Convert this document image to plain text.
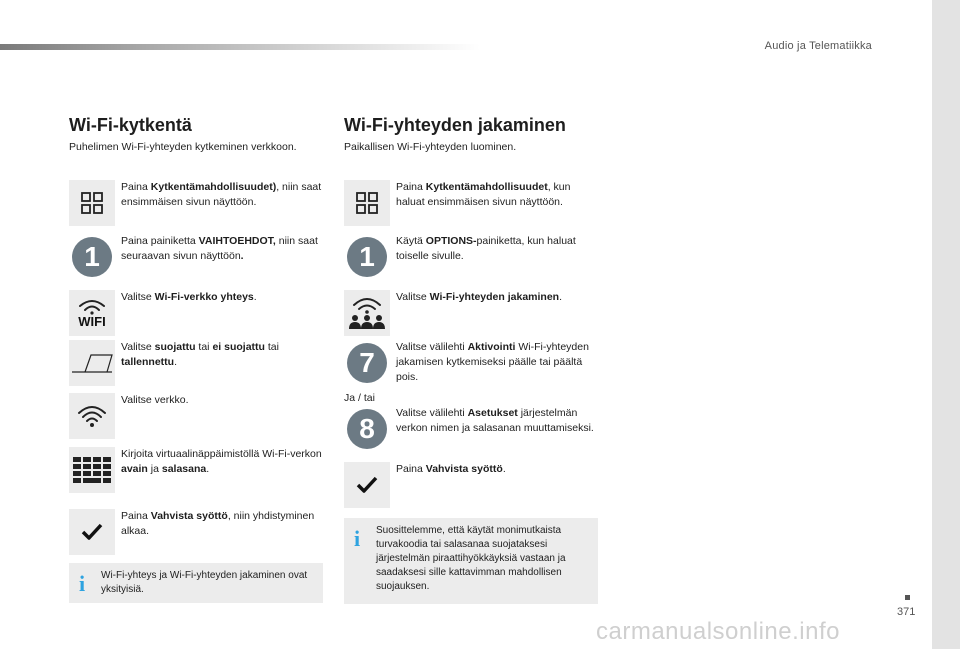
Audio ja Telematiikka
Wi-Fi-kytkentä
Puhelimen Wi-Fi-yhteyden kytkeminen verkkoon.
Paina Kytkentämahdollisuudet), niin saat ensimmäisen sivun näyttöön.
1	Paina painiketta VAIHTOEHDOT, niin saat seuraavan sivun näyttöön.
WIFI
Valitse Wi-Fi-verkko yhteys.
Valitse suojattu tai ei suojattu tai tallennettu.
Valitse verkko.
Kirjoita virtuaalinäppäimistöllä Wi-Fi-verkon avain ja salasana.
Paina Vahvista syöttö, niin yhdistyminen alkaa.
i	Wi-Fi-yhteys ja Wi-Fi-yhteyden jakaminen ovat yksityisiä.
Wi-Fi-yhteyden jakaminen
Paikallisen Wi-Fi-yhteyden luominen.
Paina Kytkentämahdollisuudet, kun haluat ensimmäisen sivun näyttöön.
1	Käytä OPTIONS-painiketta, kun haluat toiselle sivulle.
Valitse Wi-Fi-yhteyden jakaminen.
7	Valitse välilehti Aktivointi Wi-Fi-yhteyden jakamisen kytkemiseksi päälle tai päältä pois.
Ja / tai
8	Valitse välilehti Asetukset järjestelmän verkon nimen ja salasanan muuttamiseksi.
Paina Vahvista syöttö.
i	Suosittelemme, että käytät monimutkaista turvakoodia tai salasanaa suojataksesi järjestelmän piraattihyökkäyksiä vastaan ja saadaksesi sille kattavimman mahdollisen suojauksen.
371
carmanualsonline.info
